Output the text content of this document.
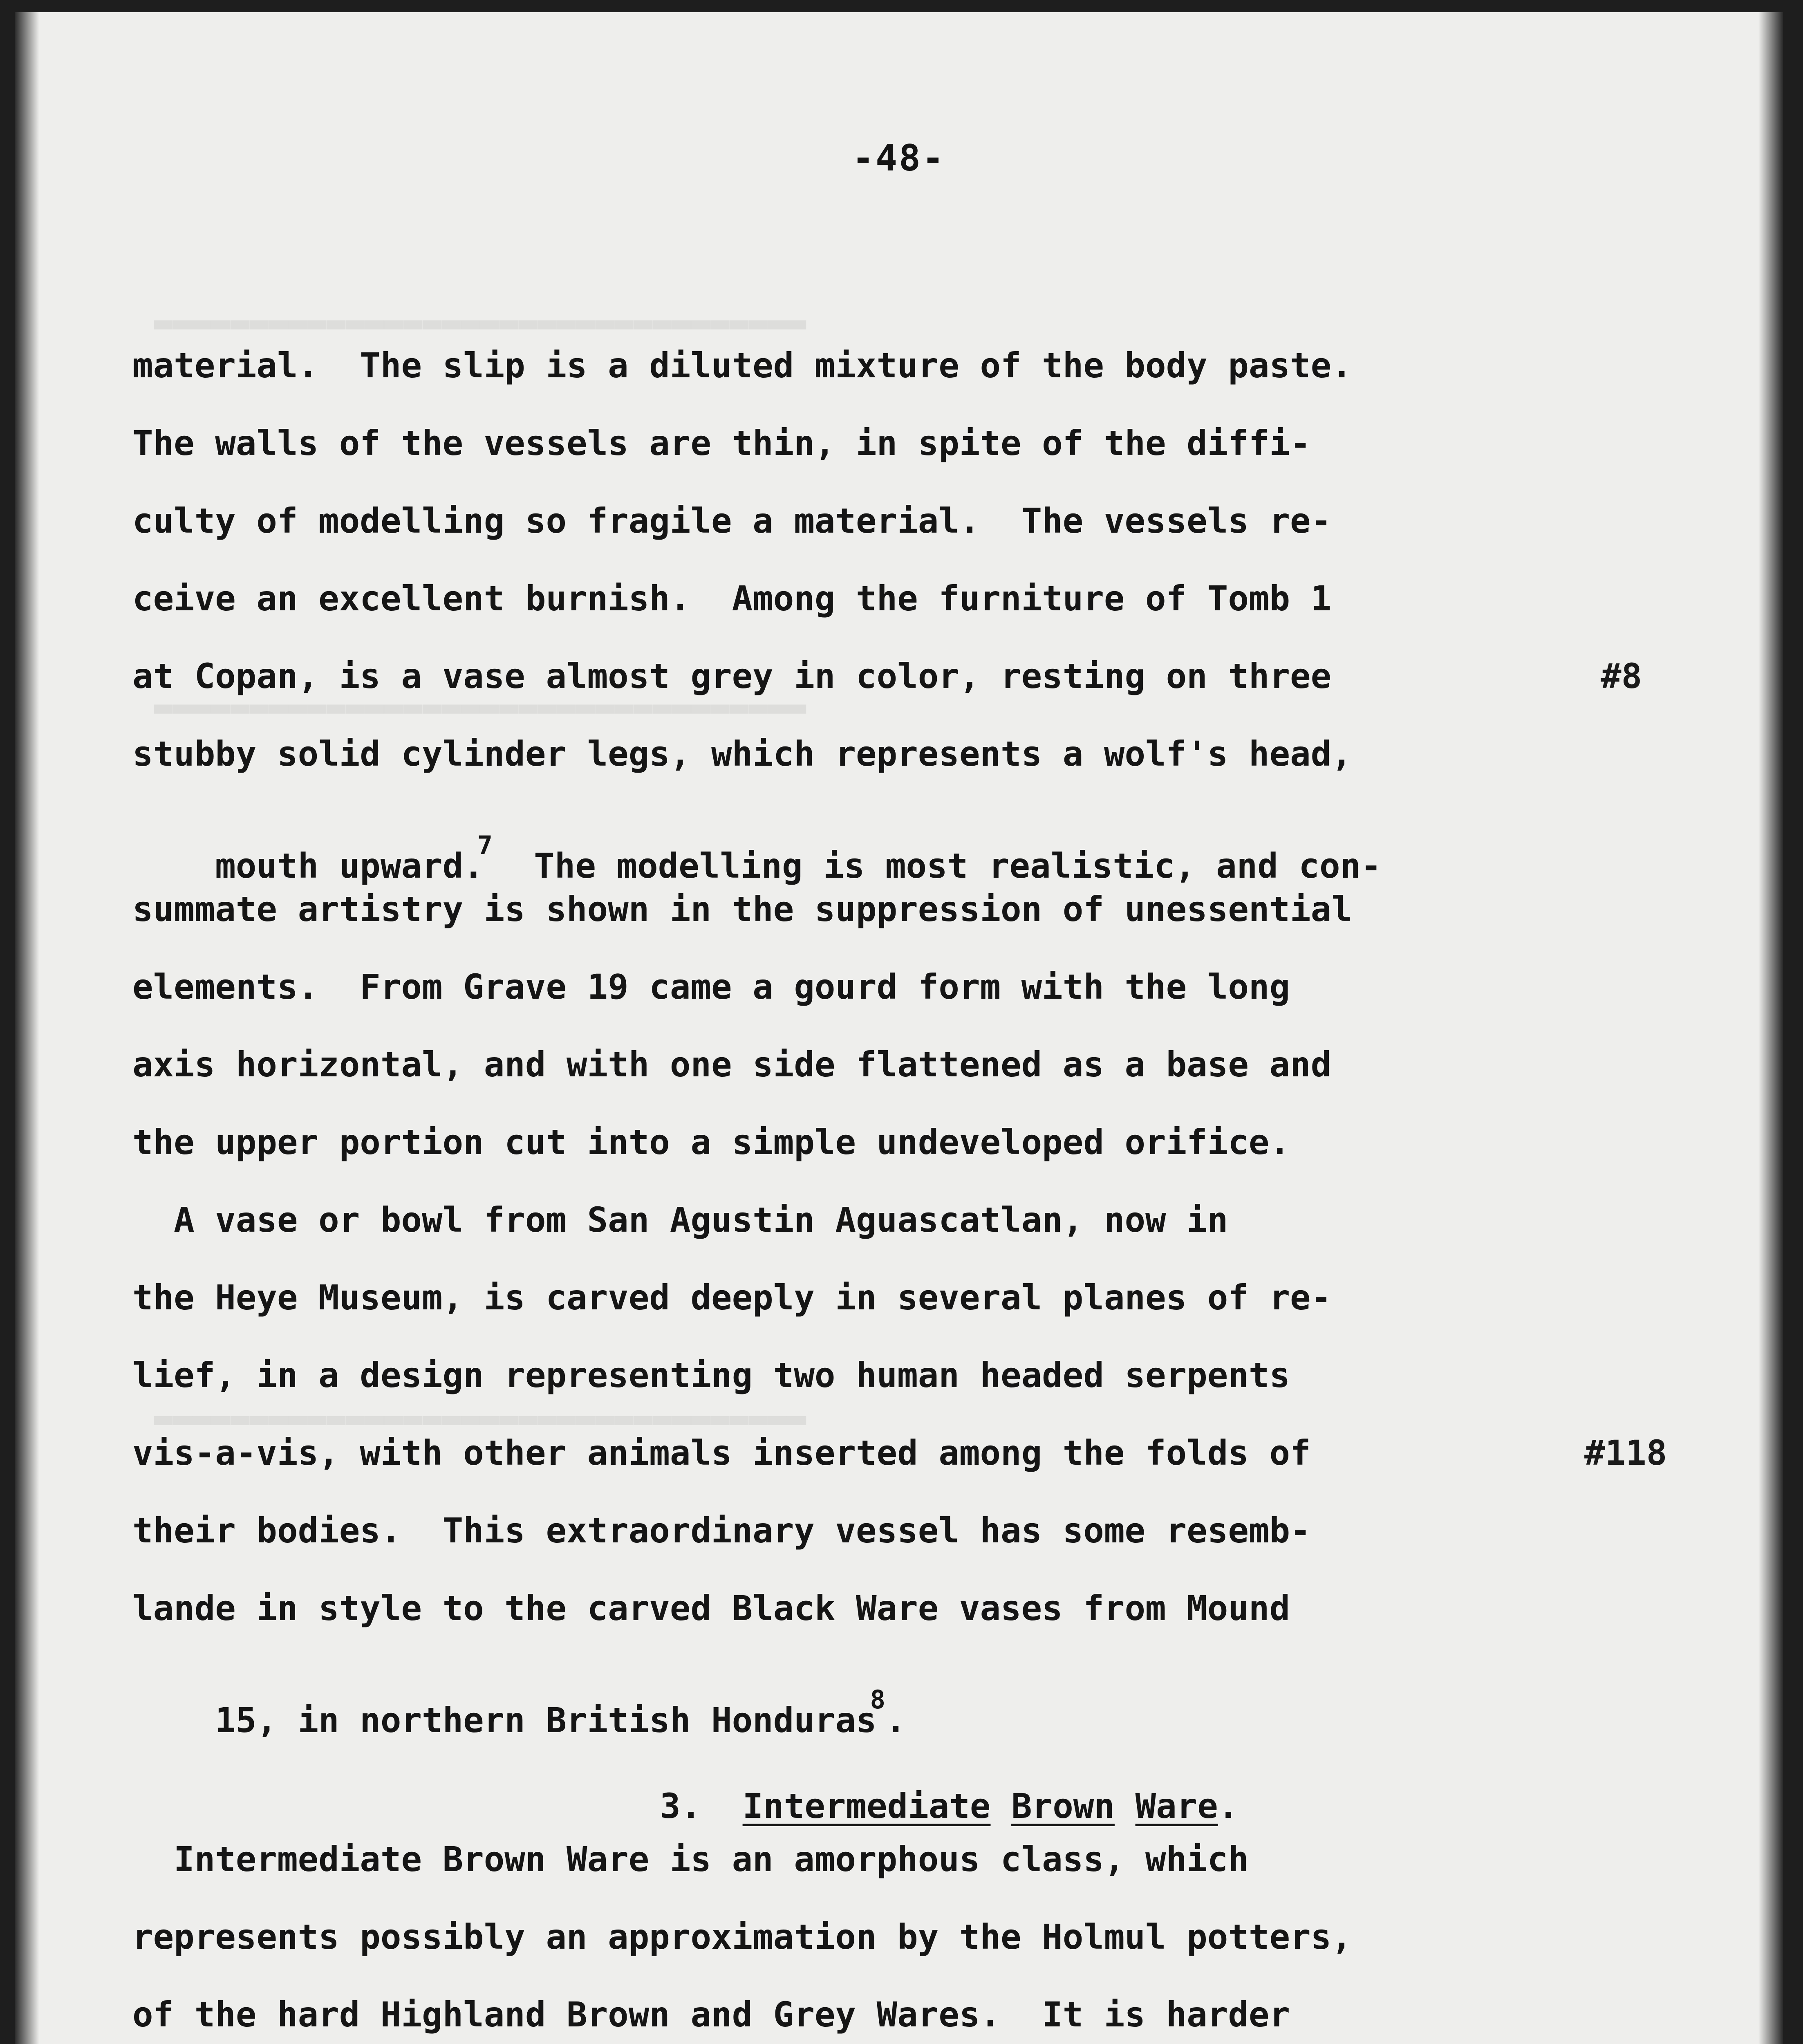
▬▬▬▬▬▬▬▬▬▬▬▬▬▬▬▬▬▬▬▬▬▬▬▬▬▬▬▬▬▬▬▬▬▬
▬▬▬▬▬▬▬▬▬▬▬▬▬▬▬▬▬▬▬▬▬▬▬▬▬▬▬▬▬▬▬▬▬▬
▬▬▬▬▬▬▬▬▬▬▬▬▬▬▬▬▬▬▬▬▬▬▬▬▬▬▬▬▬▬▬▬▬▬
-48-
material.  The slip is a diluted mixture of the body paste.
The walls of the vessels are thin, in spite of the diffi-
culty of modelling so fragile a material.  The vessels re-
ceive an excellent burnish.  Among the furniture of Tomb 1
at Copan, is a vase almost grey in color, resting on three
stubby solid cylinder legs, which represents a wolf's head,

mouth upward.$^7$  The modelling is most realistic, and con-

summate artistry is shown in the suppression of unessential
elements.  From Grave 19 came a gourd form with the long
axis horizontal, and with one side flattened as a base and
the upper portion cut into a simple undeveloped orifice.
A vase or bowl from San Agustin Aguascatlan, now in
the Heye Museum, is carved deeply in several planes of re-
lief, in a design representing two human headed serpents
vis-a-vis, with other animals inserted among the folds of
their bodies.  This extraordinary vessel has some resemb-
lande in style to the carved Black Ware vases from Mound

15, in northern British Honduras$^8$.

#8
#118

3. Intermediate Brown Ware.

Intermediate Brown Ware is an amorphous class, which
represents possibly an approximation by the Holmul potters,
of the hard Highland Brown and Grey Wares.  It is harder
